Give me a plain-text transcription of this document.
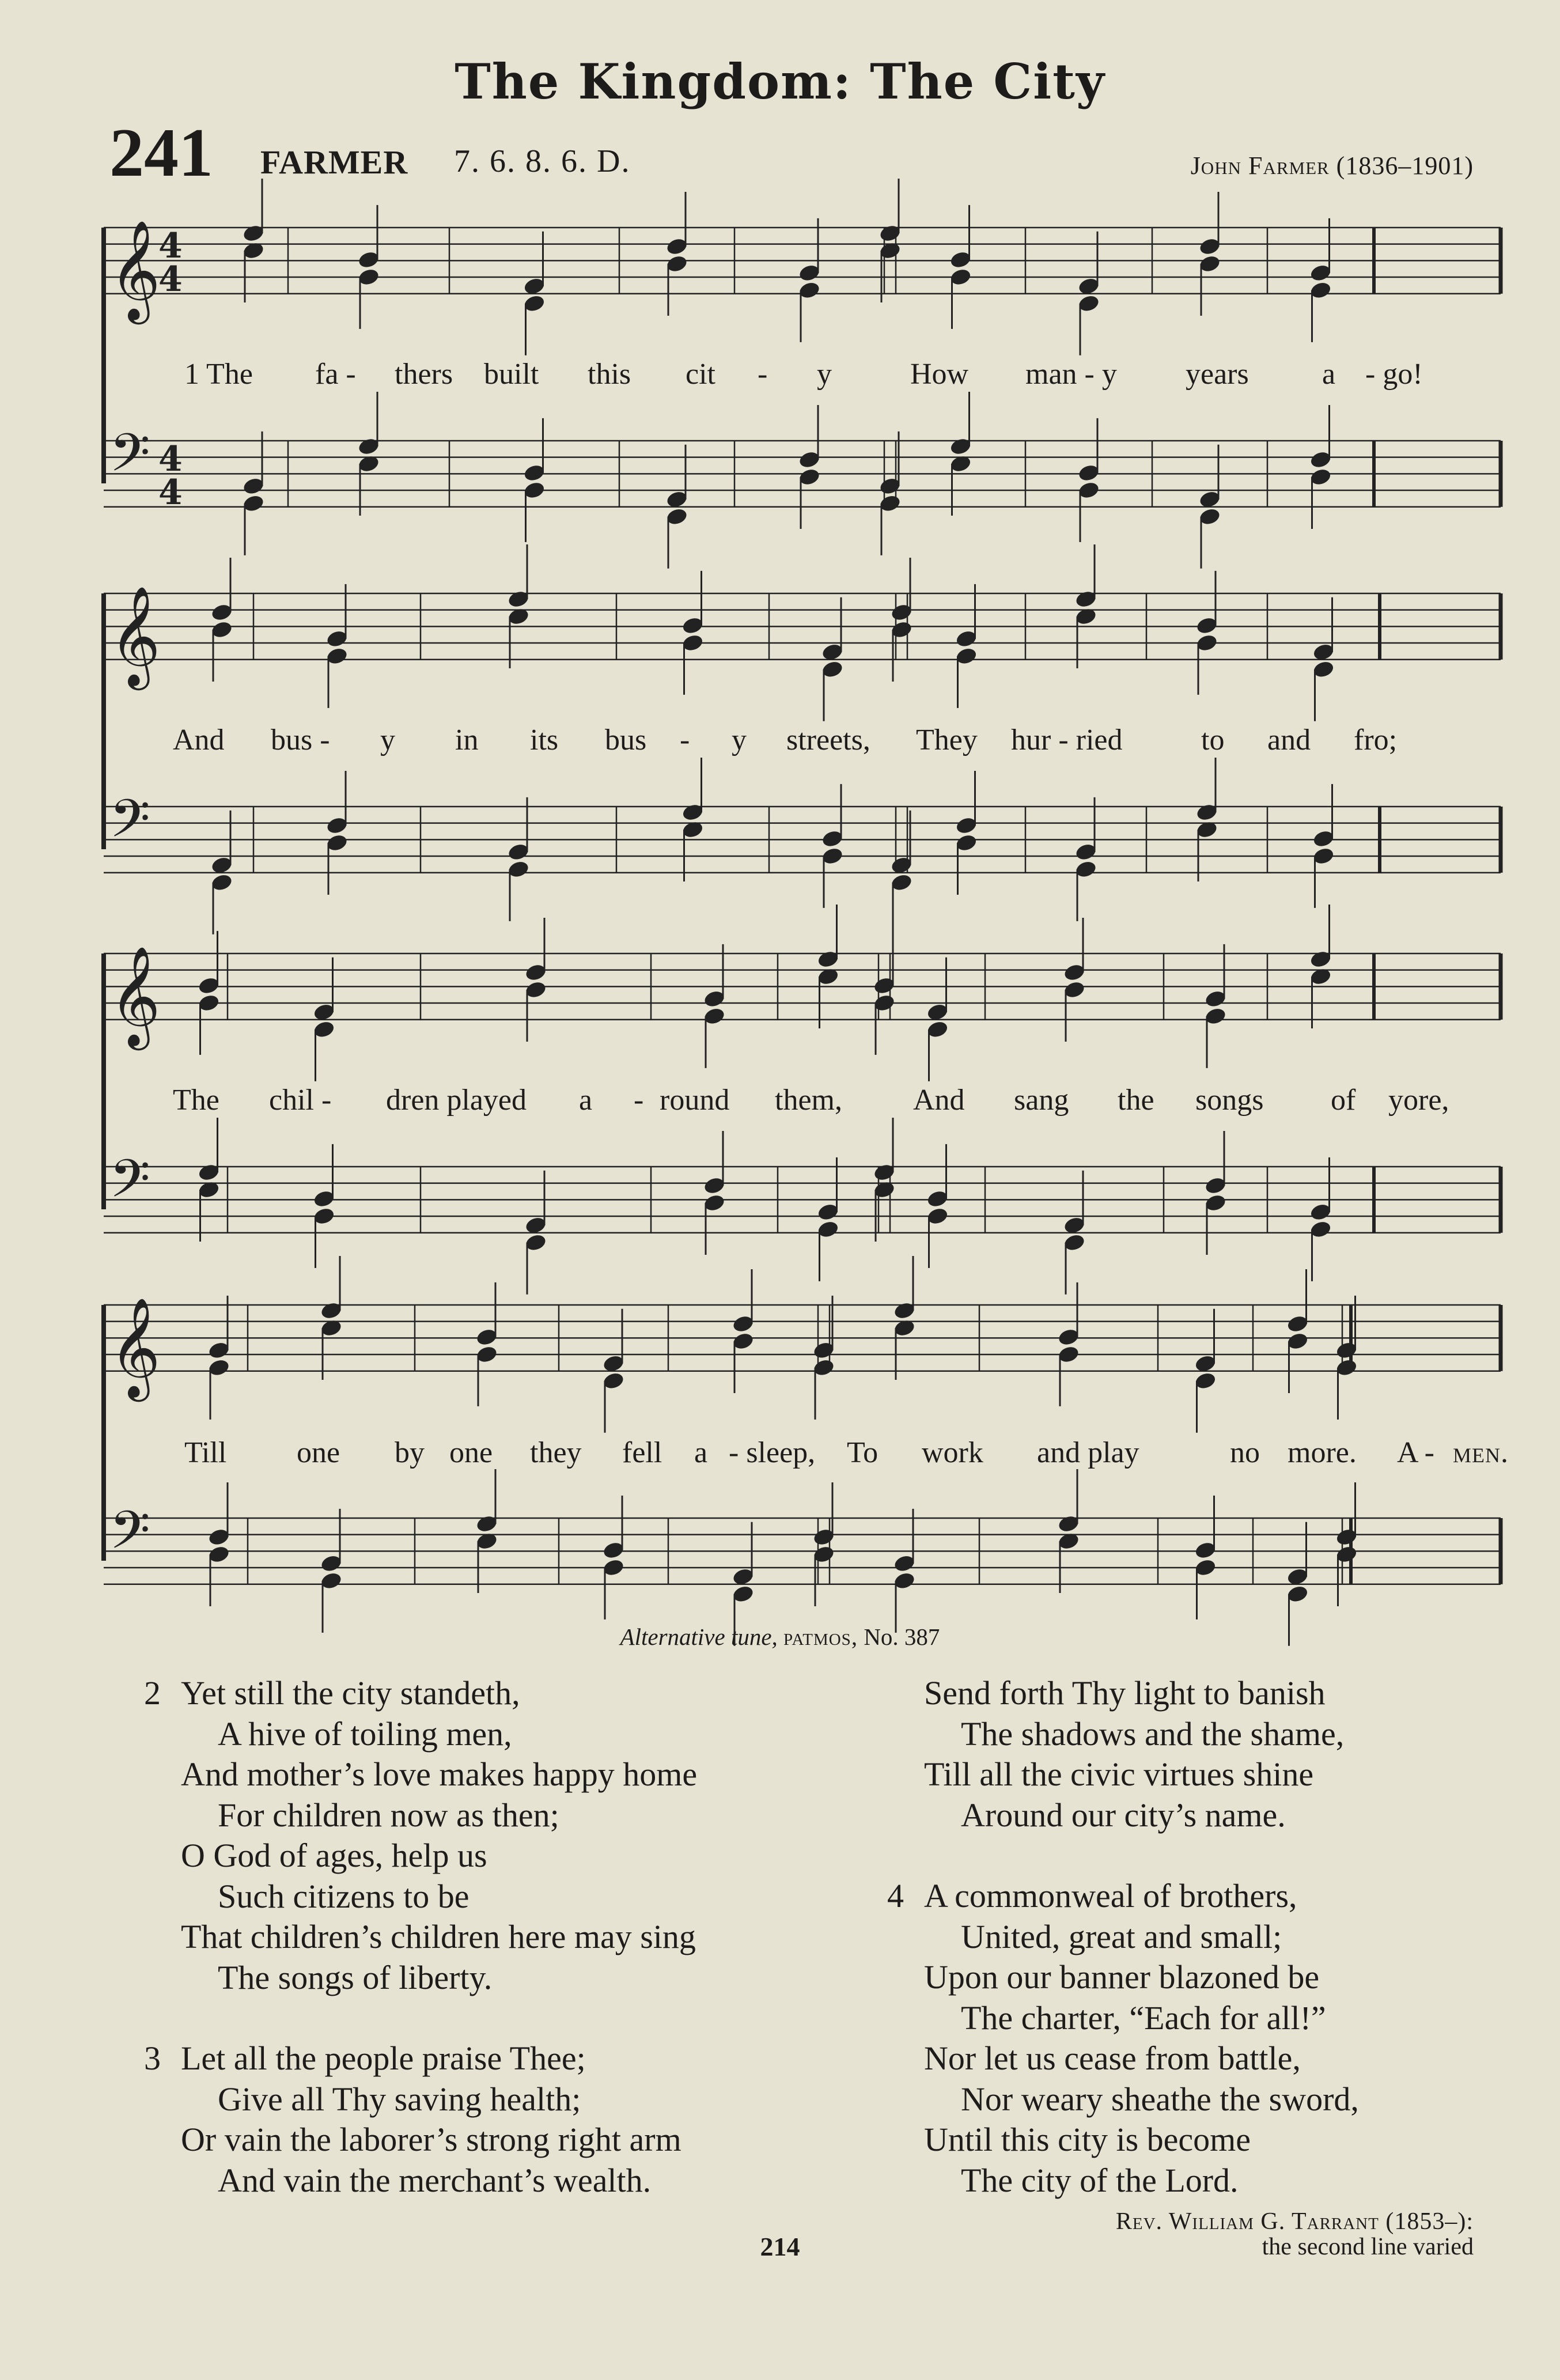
The Kingdom: The City
241 FARMER 7. 6. 8. 6. D.	John Farmer (1836–1901)
𝄞
4
4
𝄢 4
4
𝄞
𝄢
𝄞
𝄢
𝄞
𝄢
1 The fa - thers built this cit - y	How man - y years a - go!
And bus - y in its bus - y streets, They hur - ried	to and fro;
The chil - dren played a - round them, And sang the songs of yore,
Till one by one they fell a - sleep, To work and play	no more. A - men.
Alternative tune, patmos, No. 387
2 Yet still the city standeth,
A hive of toiling men,
And mother’s love makes happy home
For children now as then;
O God of ages, help us
Such citizens to be
That children’s children here may sing
The songs of liberty.
3 Let all the people praise Thee;
Give all Thy saving health;
Or vain the laborer’s strong right arm
And vain the merchant’s wealth.
Send forth Thy light to banish
The shadows and the shame,
Till all the civic virtues shine
Around our city’s name.
4 A commonweal of brothers,
United, great and small;
Upon our banner blazoned be
The charter, “Each for all!”
Nor let us cease from battle,
Nor weary sheathe the sword,
Until this city is become
The city of the Lord.
Rev. William G. Tarrant (1853–):
the second line varied
214
